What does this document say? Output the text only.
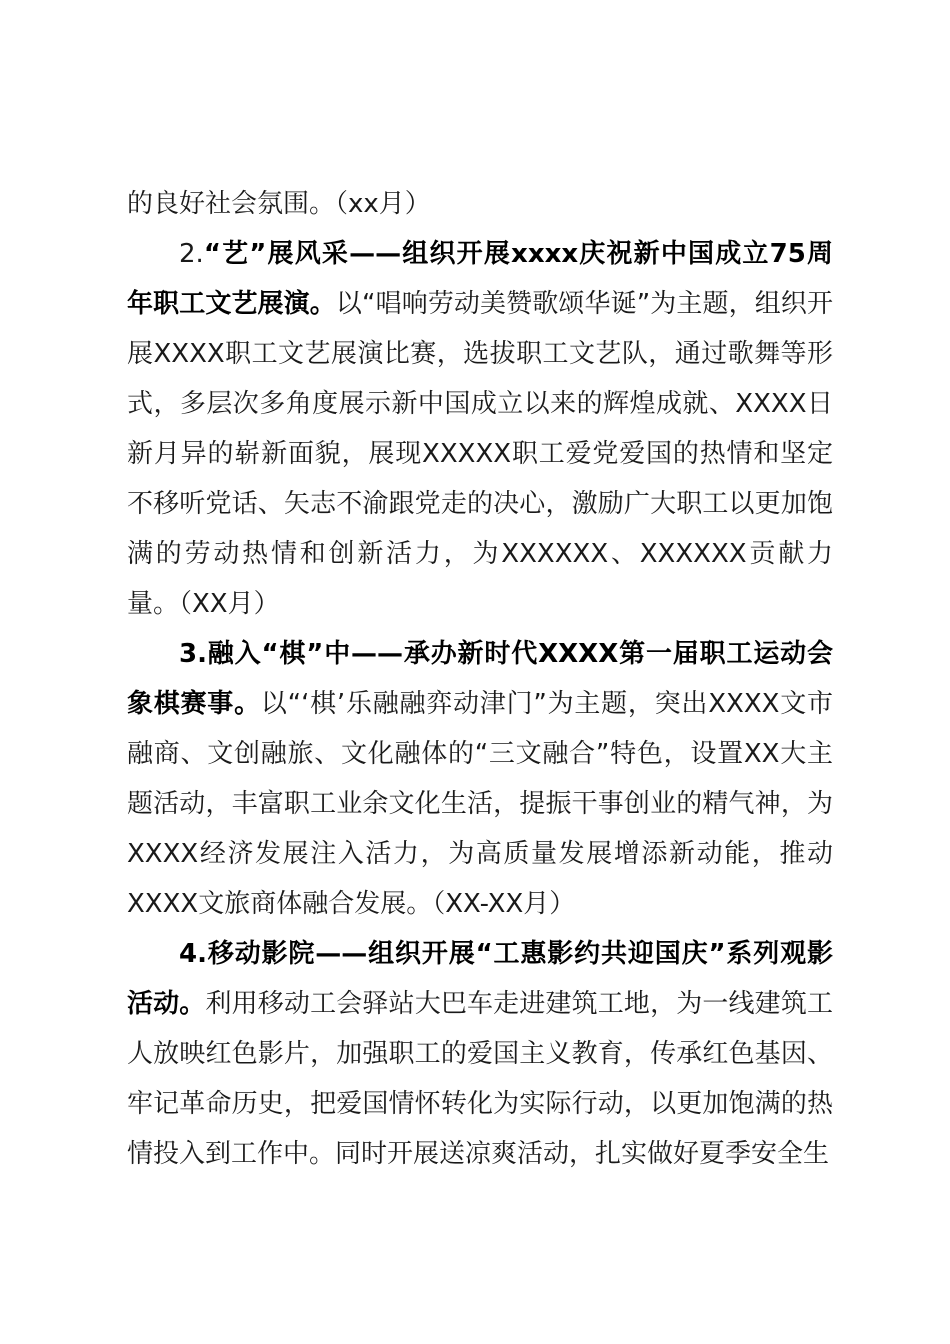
的良好社会氛围。（xx月）

2.“艺”展风采——组织开展xxxx庆祝新中国成立75周年职工文艺展演。以“唱响劳动美赞歌颂华诞”为主题，组织开展XXXX职工文艺展演比赛，选拔职工文艺队，通过歌舞等形式，多层次多角度展示新中国成立以来的辉煌成就、XXXX日新月异的崭新面貌，展现XXXXX职工爱党爱国的热情和坚定不移听党话、矢志不渝跟党走的决心，激励广大职工以更加饱满的劳动热情和创新活力，为XXXXXX、XXXXXX贡献力量。（XX月）

3.融入“棋”中——承办新时代XXXX第一届职工运动会象棋赛事。以“‘棋’乐融融弈动津门”为主题，突出XXXX文市融商、文创融旅、文化融体的“三文融合”特色，设置XX大主题活动，丰富职工业余文化生活，提振干事创业的精气神，为XXXX经济发展注入活力，为高质量发展增添新动能，推动XXXX文旅商体融合发展。（XX-XX月）

4.移动影院——组织开展“工惠影约共迎国庆”系列观影活动。利用移动工会驿站大巴车走进建筑工地，为一线建筑工人放映红色影片，加强职工的爱国主义教育，传承红色基因、牢记革命历史，把爱国情怀转化为实际行动，以更加饱满的热情投入到工作中。同时开展送凉爽活动，扎实做好夏季安全生
